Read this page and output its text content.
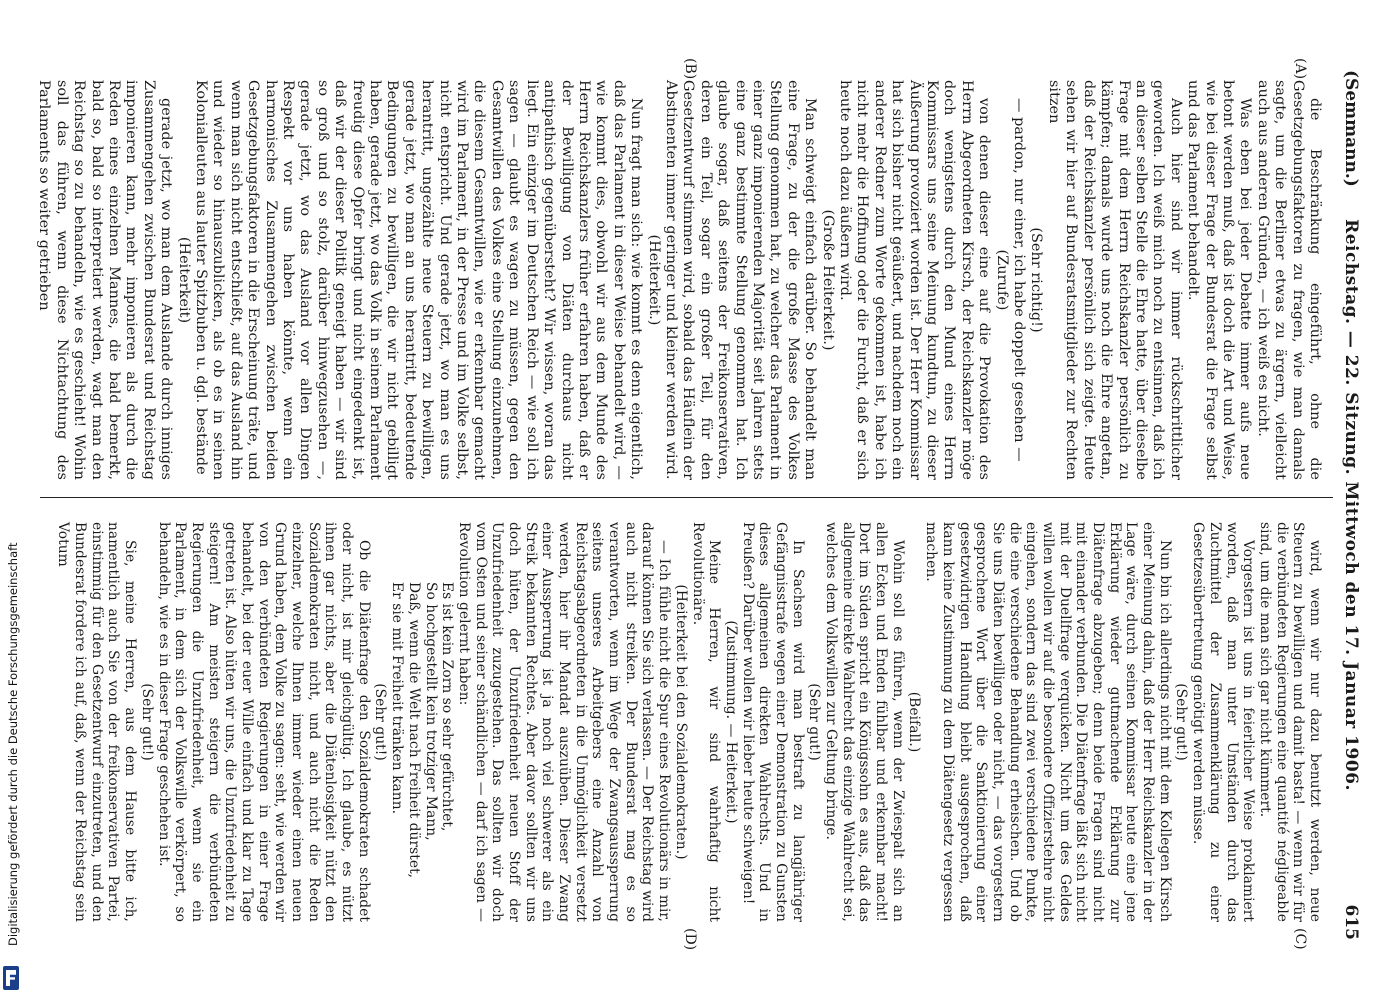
(Semmann.)
Reichstag. — 22. Sitzung. Mittwoch den 17. Januar 1906.
615
(A)
(B)
(C)
(D)

die Beschränkung eingeführt, ohne die Gesetzgebungsfaktoren zu fragen, wie man damals sagte, um die Berliner etwas zu ärgern, vielleicht auch aus anderen Gründen, — ich weiß es nicht.

Was eben bei jeder Debatte immer aufs neue betont werden muß, daß ist doch die Art und Weise, wie bei dieser Frage der Bundesrat die Frage selbst und das Parlament behandelt.

Auch hier sind wir immer rückschrittlicher geworden. Ich weiß mich noch zu entsinnen, daß ich an dieser selben Stelle die Ehre hatte, über dieselbe Frage mit dem Herrn Reichskanzler persönlich zu kämpfen; damals wurde uns noch die Ehre angetan, daß der Reichskanzler persönlich sich zeigte. Heute sehen wir hier auf Bundesratsmitglieder zur Rechten sitzen

(Sehr richtig!)

— pardon, nur einer, ich habe doppelt gesehen —

(Zurufe)

von denen dieser eine auf die Provokation des Herrn Abgeordneten Kirsch, der Reichskanzler möge doch wenigstens durch den Mund eines Herrn Kommissars uns seine Meinung kundtun, zu dieser Äußerung provoziert worden ist. Der Herr Kommissar hat sich bisher nicht geäußert, und nachdem noch ein anderer Redner zum Worte gekommen ist, habe ich nicht mehr die Hoffnung oder die Furcht, daß er sich heute noch dazu äußern wird.

(Große Heiterkeit.)

Man schweigt einfach darüber. So behandelt man eine Frage, zu der die große Masse des Volkes Stellung genommen hat, zu welcher das Parlament in einer ganz imponierenden Majorität seit Jahren stets eine ganz bestimmte Stellung genommen hat. Ich glaube sogar, daß seitens der Freikonservativen, deren ein Teil, sogar ein großer Teil, für den Gesetzentwurf stimmen wird, sobald das Häuflein der Abstinenten immer geringer und kleiner werden wird.

(Heiterkeit.)

Nun fragt man sich: wie kommt es denn eigentlich, daß das Parlament in dieser Weise behandelt wird, — wie kommt dies, obwohl wir aus dem Munde des Herrn Reichskanzlers früher erfahren haben, daß er der Bewilligung von Diäten durchaus nicht antipathisch gegenübersteht? Wir wissen, woran das liegt. Ein einziger im Deutschen Reich — wie soll ich sagen — glaubt es wagen zu müssen, gegen den Gesamtwillen des Volkes eine Stellung einzunehmen, die diesem Gesamtwillen, wie er erkennbar gemacht wird im Parlament, in der Presse und im Volke selbst, nicht entspricht. Und gerade jetzt, wo man es uns herantritt, ungezählte neue Steuern zu bewilligen, gerade jetzt, wo man an uns herantritt, bedeutende Bedingungen zu bewilligen, die wir nicht gebilligt haben, gerade jetzt, wo das Volk in seinem Parlament freudig diese Opfer bringt und nicht eingedenkt ist, daß wir der dieser Politik geneigt haben — wir sind so groß und so stolz, darüber hinwegzusehen —, gerade jetzt, wo das Ausland vor allen Dingen Respekt vor uns haben könnte, wenn ein harmonisches Zusammengehen zwischen beiden Gesetzgebungsfaktoren in die Erscheinung träte, und wenn man sich nicht entschließt, auf das Ausland hin und wieder so hinauszublicken, als ob es in seinen Kolonialleuten aus lauter Spitzbuben u. dgl. bestände

(Heiterkeit)

gerade jetzt, wo man dem Auslande durch inniges Zusammengehen zwischen Bundesrat und Reichstag imponieren kann, mehr imponieren als durch die Reden eines einzelnen Mannes, die bald bemerkt, bald so, bald so interpretiert werden, wagt man den Reichstag so zu behandeln, wie es geschieht! Wohin soll das führen, wenn diese Nichtachtung des Parlaments so weiter getrieben

wird, wenn wir nur dazu benutzt werden, neue Steuern zu bewilligen und damit basta! — wenn wir für die verbündeten Regierungen eine quantité négligeable sind, um die man sich gar nicht kümmert.

Vorgestern ist uns in feierlicher Weise proklamiert worden, daß man unter Umständen durch das Zuchtmittel der Zusammenklärung zu einer Gesetzesübertretung genötigt werden müsse.

(Sehr gut!)

Nun bin ich allerdings nicht mit dem Kollegen Kirsch einer Meinung dahin, daß der Herr Reichskanzler in der Lage wäre, durch seinen Kommissar heute eine jene Erklärung wieder gutmachende Erklärung zur Diätenfrage abzugeben; denn beide Fragen sind nicht mit einander verbunden. Die Diätenfrage läßt sich nicht mit der Duellfrage verquicken. Nicht um des Geldes willen wollen wir auf die besondere Offizierstehre nicht eingehen, sondern das sind zwei verschiedene Punkte, die eine verschiedene Behandlung erheischen. Und ob Sie uns Diäten bewilligen oder nicht, — das vorgestern gesprochene Wort über die Sanktionierung einer gesetzwidrigen Handlung bleibt ausgesprochen, daß kann keine Zustimmung zu dem Diätengesetz vergessen machen.

(Beifall.)

Wohin soll es führen, wenn der Zwiespalt sich an allen Ecken und Enden fühlbar und erkennbar macht! Dort im Süden spricht ein Königssohn es aus, daß das allgemeine direkte Wahlrecht das einzige Wahlrecht sei, welches dem Volkswillen zur Geltung bringe.

(Sehr gut!)

In Sachsen wird man bestraft zu langjähriger Gefängnisstrafe wegen einer Demonstration zu Gunsten dieses allgemeinen direkten Wahlrechts. Und in Preußen? Darüber wollen wir lieber heute schweigen!

(Zustimmung. — Heiterkeit.)

Meine Herren, wir sind wahrhaftig nicht Revolutionäre.

(Heiterkeit bei den Sozialdemokraten.)

— Ich fühle nicht die Spur eines Revolutionärs in mir, darauf können Sie sich verlassen. — Der Reichstag wird auch nicht streiken. Der Bundesrat mag es so verantworten, wenn im Wege der Zwangsaussperrung seitens unseres Arbeitgebers eine Anzahl von Reichstagsabgeordneten in die Unmöglichkeit versetzt werden, hier ihr Mandat auszuüben. Dieser Zwang einer Aussperrung ist ja noch viel schwerer als ein Streik bekannten Rechtes. Aber davor sollten wir uns doch hüten, der Unzufriedenheit neuen Stoff der Unzufriedenheit zuzugestehen. Das sollten wir doch vom Osten und seiner schändlichen — darf ich sagen — Revolution gelernt haben:

Es ist kein Zorn so sehr gefürchtet,

So hochgestellt kein trotziger Mann,

Daß, wenn die Welt nach Freiheit dürstet,

Er sie mit Freiheit tränken kann.

(Sehr gut!)

Ob die Diätenfrage den Sozialdemokraten schadet oder nicht, ist mir gleichgültig. Ich glaube, es nützt ihnen gar nichts, aber die Diätenlosigkeit nützt den Sozialdemokraten nicht, und auch nicht die Reden einzelner, welche Ihnen immer wieder einen neuen Grund haben, dem Volke zu sagen: seht, wie werden wir von den verbündeten Regierungen in einer Frage behandelt, bei der euer Wille einfach und klar zu Tage getreten ist. Also hüten wir uns, die Unzufriedenheit zu steigern! Am meisten steigern die verbündeten Regierungen die Unzufriedenheit, wenn sie ein Parlament, in dem sich der Volkswille verkörpert, so behandeln, wie es in dieser Frage geschehen ist.

(Sehr gut!)

Sie, meine Herren, aus dem Hause bitte ich, namentlich auch Sie von der freikonservativen Partei, einstimmig für den Gesetzentwurf einzutreten, und den Bundesrat fordere ich auf, daß, wenn der Reichstag sein Votum

Digitalisierung gefördert durch die Deutsche Forschungsgemeinschaft
